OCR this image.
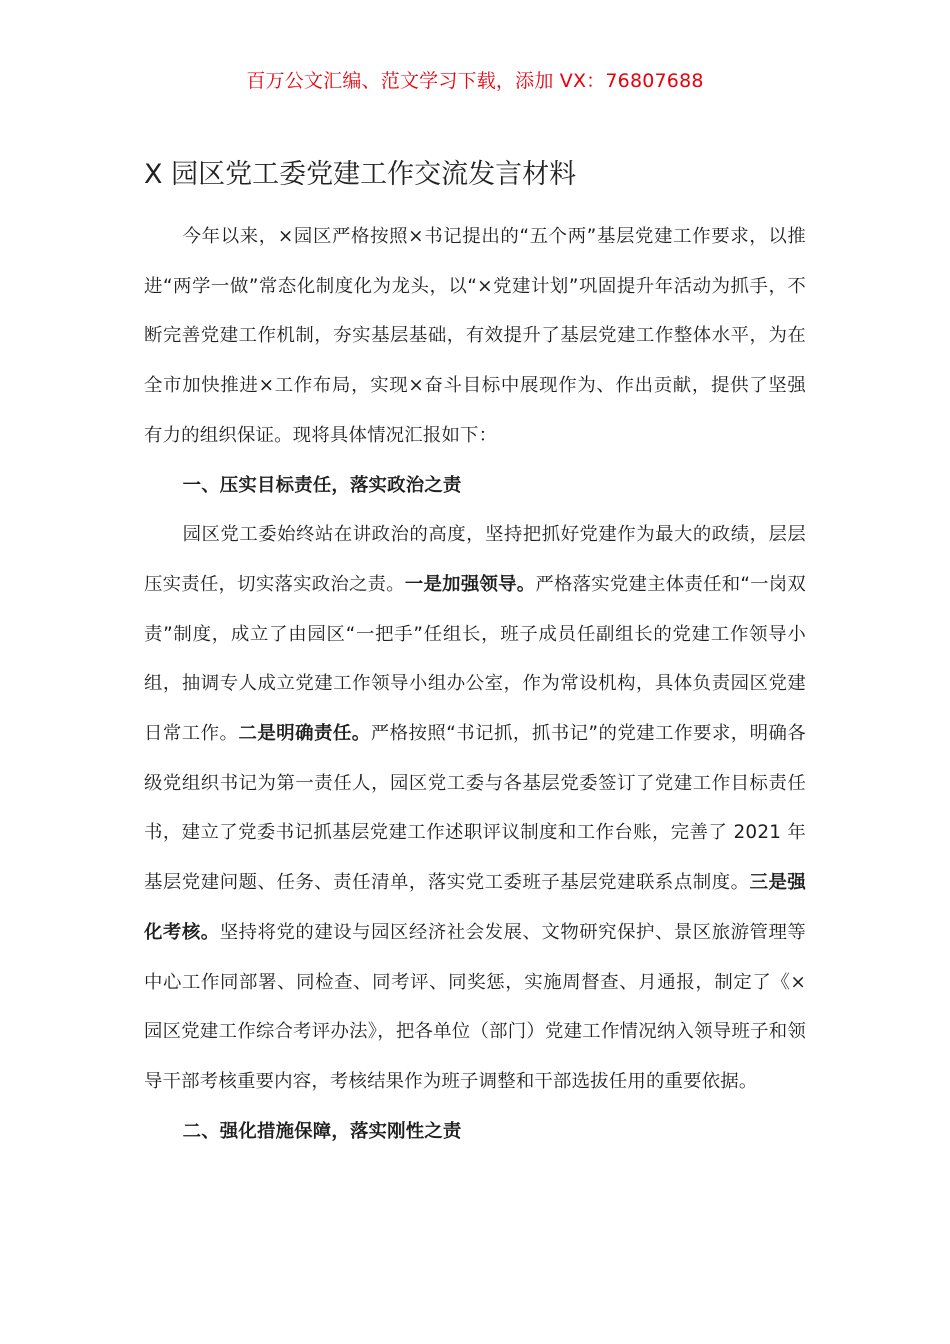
百万公文汇编、范文学习下载，添加 VX：76807688
X 园区党工委党建工作交流发言材料

今年以来，×园区严格按照×书记提出的“五个两”基层党建工作要求，以推进“两学一做”常态化制度化为龙头，以“×党建计划”巩固提升年活动为抓手，不断完善党建工作机制，夯实基层基础，有效提升了基层党建工作整体水平，为在全市加快推进×工作布局，实现×奋斗目标中展现作为、作出贡献，提供了坚强有力的组织保证。现将具体情况汇报如下：

一、压实目标责任，落实政治之责

园区党工委始终站在讲政治的高度，坚持把抓好党建作为最大的政绩，层层压实责任，切实落实政治之责。一是加强领导。严格落实党建主体责任和“一岗双责”制度，成立了由园区“一把手”任组长，班子成员任副组长的党建工作领导小组，抽调专人成立党建工作领导小组办公室，作为常设机构，具体负责园区党建日常工作。二是明确责任。严格按照“书记抓，抓书记”的党建工作要求，明确各级党组织书记为第一责任人，园区党工委与各基层党委签订了党建工作目标责任书，建立了党委书记抓基层党建工作述职评议制度和工作台账，完善了 2021 年基层党建问题、任务、责任清单，落实党工委班子基层党建联系点制度。三是强化考核。坚持将党的建设与园区经济社会发展、文物研究保护、景区旅游管理等中心工作同部署、同检查、同考评、同奖惩，实施周督查、月通报，制定了《×园区党建工作综合考评办法》，把各单位（部门）党建工作情况纳入领导班子和领导干部考核重要内容，考核结果作为班子调整和干部选拔任用的重要依据。

二、强化措施保障，落实刚性之责
